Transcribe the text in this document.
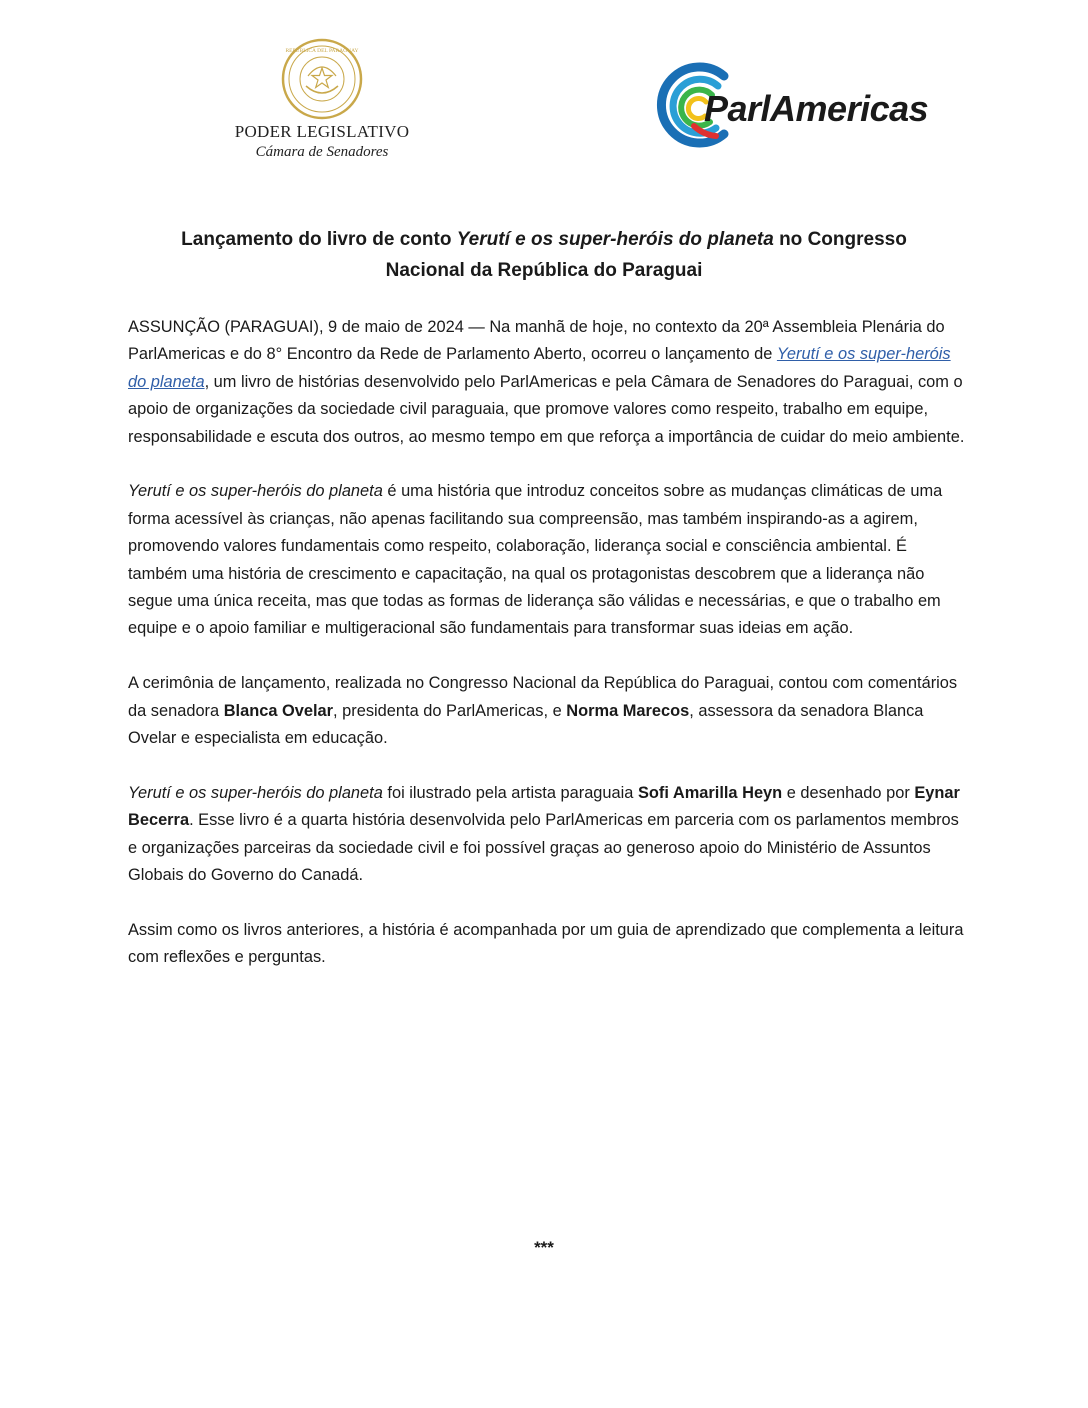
REPÚBLICA DEL PARAGUAY
PODER LEGISLATIVO
Cámara de Senadores
ParlAmericas
Lançamento do livro de conto Yerutí e os super-heróis do planeta no Congresso
Nacional da República do Paraguai

ASSUNÇÃO (PARAGUAI), 9 de maio de 2024 — Na manhã de hoje, no contexto da 20ª Assembleia Plenária do ParlAmericas e do 8° Encontro da Rede de Parlamento Aberto, ocorreu o lançamento de Yerutí e os super-heróis do planeta, um livro de histórias desenvolvido pelo ParlAmericas e pela Câmara de Senadores do Paraguai, com o apoio de organizações da sociedade civil paraguaia, que promove valores como respeito, trabalho em equipe, responsabilidade e escuta dos outros, ao mesmo tempo em que reforça a importância de cuidar do meio ambiente.

Yerutí e os super-heróis do planeta é uma história que introduz conceitos sobre as mudanças climáticas de uma forma acessível às crianças, não apenas facilitando sua compreensão, mas também inspirando-as a agirem, promovendo valores fundamentais como respeito, colaboração, liderança social e consciência ambiental. É também uma história de crescimento e capacitação, na qual os protagonistas descobrem que a liderança não segue uma única receita, mas que todas as formas de liderança são válidas e necessárias, e que o trabalho em equipe e o apoio familiar e multigeracional são fundamentais para transformar suas ideias em ação.

A cerimônia de lançamento, realizada no Congresso Nacional da República do Paraguai, contou com comentários da senadora Blanca Ovelar, presidenta do ParlAmericas, e Norma Marecos, assessora da senadora Blanca Ovelar e especialista em educação.

Yerutí e os super-heróis do planeta foi ilustrado pela artista paraguaia Sofi Amarilla Heyn e desenhado por Eynar Becerra. Esse livro é a quarta história desenvolvida pelo ParlAmericas em parceria com os parlamentos membros e organizações parceiras da sociedade civil e foi possível graças ao generoso apoio do Ministério de Assuntos Globais do Governo do Canadá.

Assim como os livros anteriores, a história é acompanhada por um guia de aprendizado que complementa a leitura com reflexões e perguntas.

***
